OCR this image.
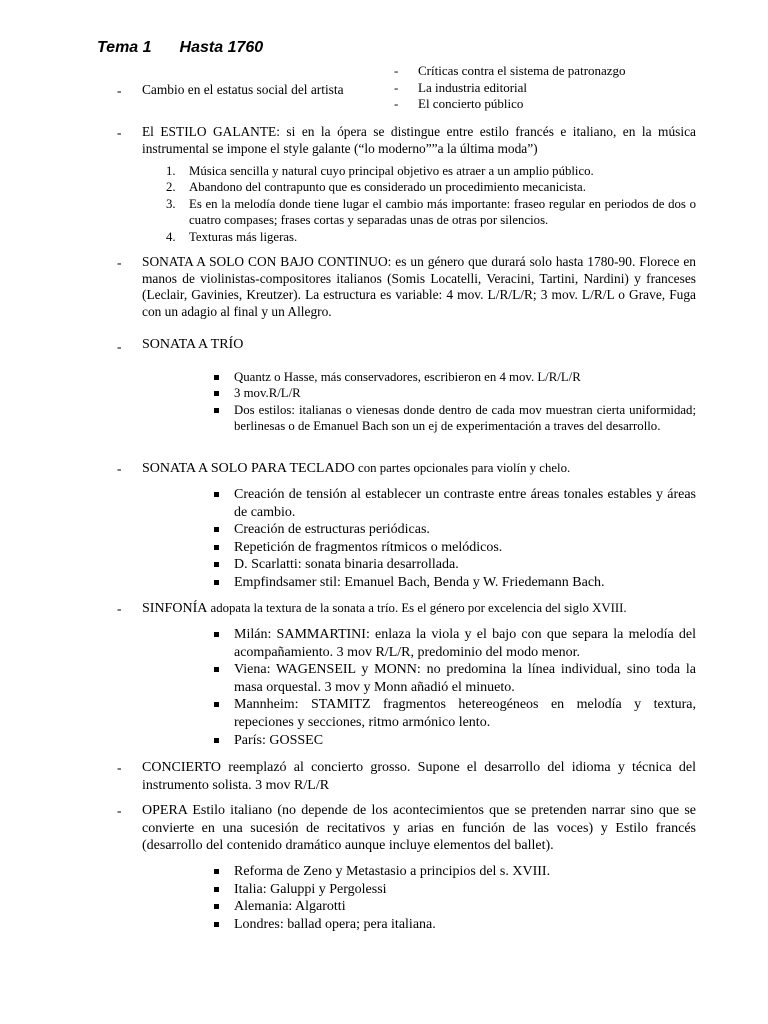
Tema 1 Hasta 1760
- Cambio en el estatus social del artista
- Críticas contra el sistema de patronazgo
- La industria editorial
- El concierto público
- El ESTILO GALANTE: si en la ópera se distingue entre estilo francés e italiano, en la música instrumental se impone el style galante (“lo moderno””a la última moda”)
1. Música sencilla y natural cuyo principal objetivo es atraer a un amplio público.
2. Abandono del contrapunto que es considerado un procedimiento mecanicista.
3. Es en la melodía donde tiene lugar el cambio más importante: fraseo regular en periodos de dos o cuatro compases; frases cortas y separadas unas de otras por silencios.
4. Texturas más ligeras.
- SONATA A SOLO CON BAJO CONTINUO: es un género que durará solo hasta 1780-90. Florece en manos de violinistas-compositores italianos (Somis Locatelli, Veracini, Tartini, Nardini) y franceses (Leclair, Gavinies, Kreutzer). La estructura es variable: 4 mov. L/R/L/R; 3 mov. L/R/L o Grave, Fuga con un adagio al final y un Allegro.
- SONATA A TRÍO
Quantz o Hasse, más conservadores, escribieron en 4 mov. L/R/L/R
3 mov.R/L/R
Dos estilos: italianas o vienesas donde dentro de cada mov muestran cierta uniformidad; berlinesas o de Emanuel Bach son un ej de experimentación a traves del desarrollo.
- SONATA A SOLO PARA TECLADO con partes opcionales para violín y chelo.
Creación de tensión al establecer un contraste entre áreas tonales estables y áreas de cambio.
Creación de estructuras periódicas.
Repetición de fragmentos rítmicos o melódicos.
D. Scarlatti: sonata binaria desarrollada.
Empfindsamer stil: Emanuel Bach, Benda y W. Friedemann Bach.
- SINFONÍA adopata la textura de la sonata a trío. Es el género por excelencia del siglo XVIII.
Milán: SAMMARTINI: enlaza la viola y el bajo con que separa la melodía del acompañamiento. 3 mov R/L/R, predominio del modo menor.
Viena: WAGENSEIL y MONN: no predomina la línea individual, sino toda la masa orquestal. 3 mov y Monn añadió el minueto.
Mannheim: STAMITZ fragmentos hetereogéneos en melodía y textura, repeciones y secciones, ritmo armónico lento.
París: GOSSEC
- CONCIERTO reemplazó al concierto grosso. Supone el desarrollo del idioma y técnica del instrumento solista. 3 mov R/L/R
- OPERA Estilo italiano (no depende de los acontecimientos que se pretenden narrar sino que se convierte en una sucesión de recitativos y arias en función de las voces) y Estilo francés (desarrollo del contenido dramático aunque incluye elementos del ballet).
Reforma de Zeno y Metastasio a principios del s. XVIII.
Italia: Galuppi y Pergolessi
Alemania: Algarotti
Londres: ballad opera; pera italiana.
